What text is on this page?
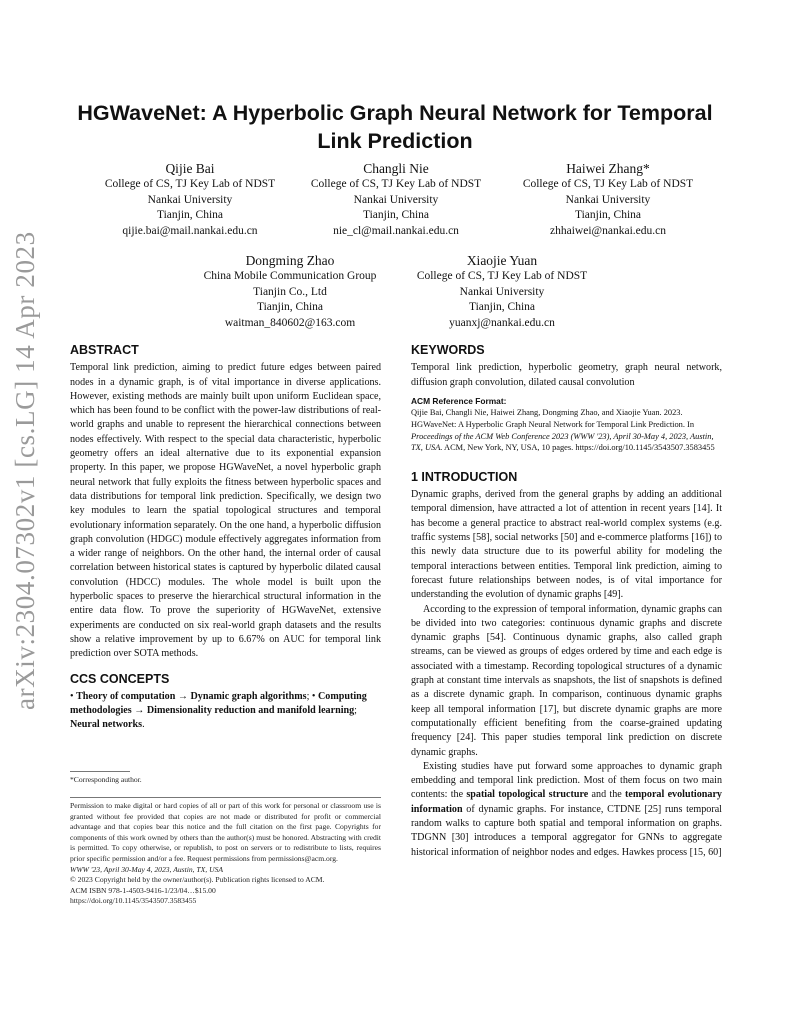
arXiv:2304.07302v1 [cs.LG] 14 Apr 2023
HGWaveNet: A Hyperbolic Graph Neural Network for Temporal Link Prediction
Qijie Bai
College of CS, TJ Key Lab of NDST
Nankai University
Tianjin, China
qijie.bai@mail.nankai.edu.cn
Changli Nie
College of CS, TJ Key Lab of NDST
Nankai University
Tianjin, China
nie_cl@mail.nankai.edu.cn
Haiwei Zhang*
College of CS, TJ Key Lab of NDST
Nankai University
Tianjin, China
zhhaiwei@nankai.edu.cn
Dongming Zhao
China Mobile Communication Group
Tianjin Co., Ltd
Tianjin, China
waitman_840602@163.com
Xiaojie Yuan
College of CS, TJ Key Lab of NDST
Nankai University
Tianjin, China
yuanxj@nankai.edu.cn
ABSTRACT

Temporal link prediction, aiming to predict future edges between paired nodes in a dynamic graph, is of vital importance in diverse applications. However, existing methods are mainly built upon uniform Euclidean space, which has been found to be conflict with the power-law distributions of real-world graphs and unable to represent the hierarchical connections between nodes effectively. With respect to the special data characteristic, hyperbolic geometry offers an ideal alternative due to its exponential expansion property. In this paper, we propose HGWaveNet, a novel hyperbolic graph neural network that fully exploits the fitness between hyperbolic spaces and data distributions for temporal link prediction. Specifically, we design two key modules to learn the spatial topological structures and temporal evolutionary information separately. On the one hand, a hyperbolic diffusion graph convolution (HDGC) module effectively aggregates information from a wider range of neighbors. On the other hand, the internal order of causal correlation between historical states is captured by hyperbolic dilated causal convolution (HDCC) modules. The whole model is built upon the hyperbolic spaces to preserve the hierarchical structural information in the entire data flow. To prove the superiority of HGWaveNet, extensive experiments are conducted on six real-world graph datasets and the results show a relative improvement by up to 6.67% on AUC for temporal link prediction over SOTA methods.

CCS CONCEPTS
• Theory of computation → Dynamic graph algorithms; • Computing methodologies → Dimensionality reduction and manifold learning; Neural networks.
*Corresponding author.
Permission to make digital or hard copies of all or part of this work for personal or classroom use is granted without fee provided that copies are not made or distributed for profit or commercial advantage and that copies bear this notice and the full citation on the first page. Copyrights for components of this work owned by others than the author(s) must be honored. Abstracting with credit is permitted. To copy otherwise, or republish, to post on servers or to redistribute to lists, requires prior specific permission and/or a fee. Request permissions from permissions@acm.org.
WWW '23, April 30-May 4, 2023, Austin, TX, USA
© 2023 Copyright held by the owner/author(s). Publication rights licensed to ACM.
ACM ISBN 978-1-4503-9416-1/23/04…$15.00
https://doi.org/10.1145/3543507.3583455
KEYWORDS

Temporal link prediction, hyperbolic geometry, graph neural network, diffusion graph convolution, dilated causal convolution

ACM Reference Format:
Qijie Bai, Changli Nie, Haiwei Zhang, Dongming Zhao, and Xiaojie Yuan. 2023. HGWaveNet: A Hyperbolic Graph Neural Network for Temporal Link Prediction. In Proceedings of the ACM Web Conference 2023 (WWW '23), April 30-May 4, 2023, Austin, TX, USA. ACM, New York, NY, USA, 10 pages. https://doi.org/10.1145/3543507.3583455
1 INTRODUCTION

Dynamic graphs, derived from the general graphs by adding an additional temporal dimension, have attracted a lot of attention in recent years [14]. It has become a general practice to abstract real-world complex systems (e.g. traffic systems [58], social networks [50] and e-commerce platforms [16]) to this newly data structure due to its powerful ability for modeling the temporal interactions between entities. Temporal link prediction, aiming to forecast future relationships between nodes, is of vital importance for understanding the evolution of dynamic graphs [49].

According to the expression of temporal information, dynamic graphs can be divided into two categories: continuous dynamic graphs and discrete dynamic graphs [54]. Continuous dynamic graphs, also called graph streams, can be viewed as groups of edges ordered by time and each edge is associated with a timestamp. Recording topological structures of a dynamic graph at constant time intervals as snapshots, the list of snapshots is defined as a discrete dynamic graph. In comparison, continuous dynamic graphs keep all temporal information [17], but discrete dynamic graphs are more computationally efficient benefiting from the coarse-grained updating frequency [24]. This paper studies temporal link prediction on discrete dynamic graphs.

Existing studies have put forward some approaches to dynamic graph embedding and temporal link prediction. Most of them focus on two main contents: the spatial topological structure and the temporal evolutionary information of dynamic graphs. For instance, CTDNE [25] runs temporal random walks to capture both spatial and temporal information on graphs. TDGNN [30] introduces a temporal aggregator for GNNs to aggregate historical information of neighbor nodes and edges. Hawkes process [15, 60]
